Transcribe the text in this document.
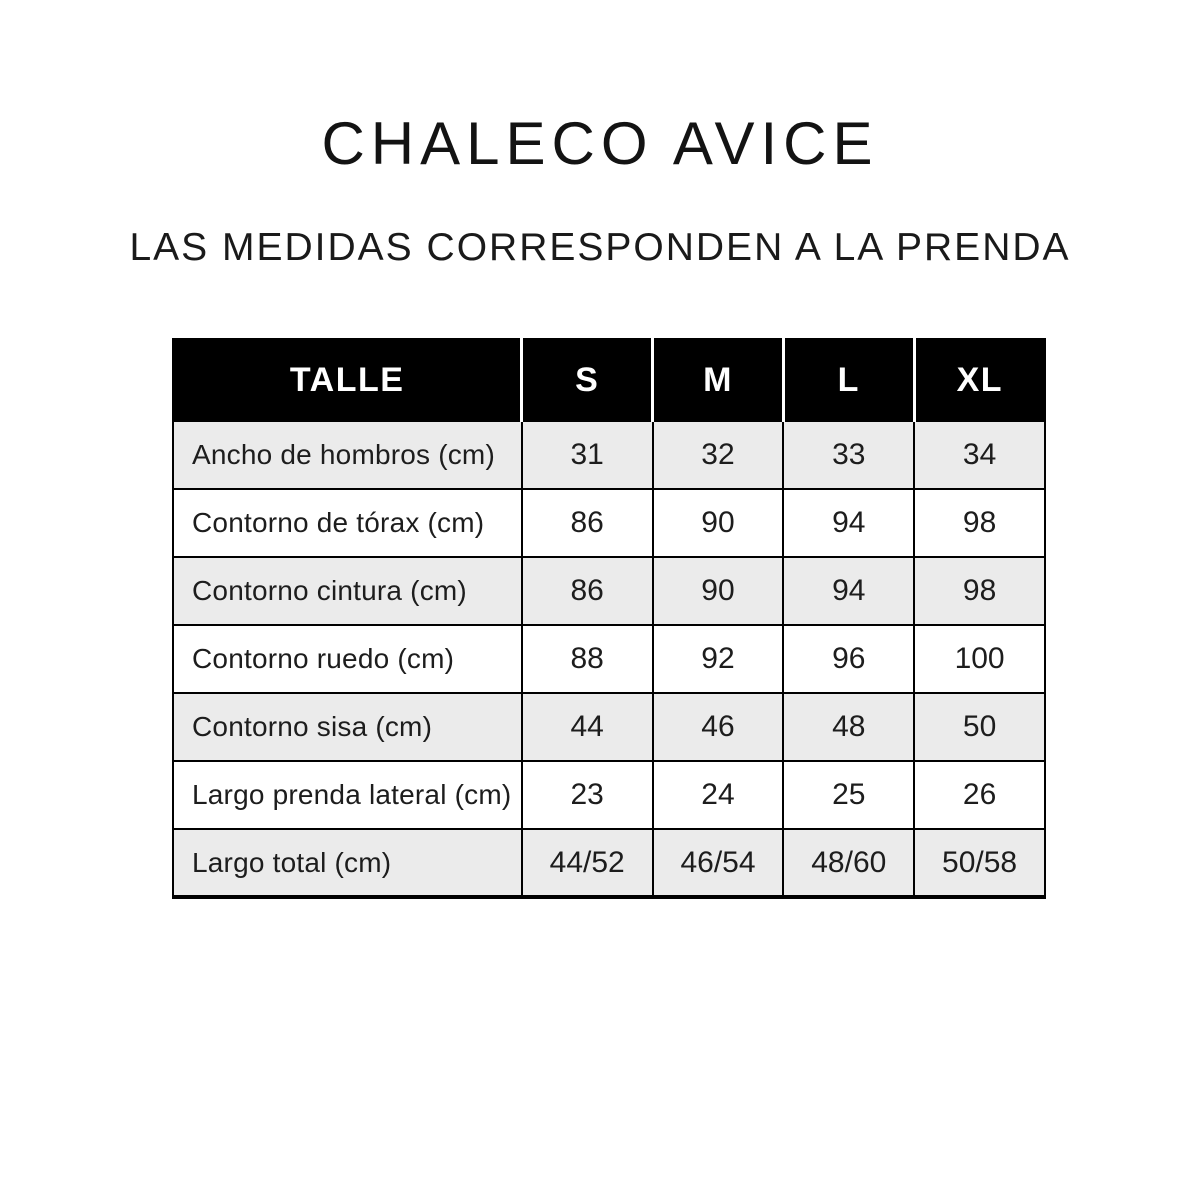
CHALECO AVICE
LAS MEDIDAS CORRESPONDEN A LA PRENDA
TALLE	S	M	L	XL
Ancho de hombros (cm)	31	32	33	34
Contorno de tórax (cm)	86	90	94	98
Contorno cintura (cm)	86	90	94	98
Contorno ruedo (cm)	88	92	96	100
Contorno sisa (cm)	44	46	48	50
Largo prenda lateral (cm)	23	24	25	26
Largo total (cm)	44/52	46/54	48/60	50/58
